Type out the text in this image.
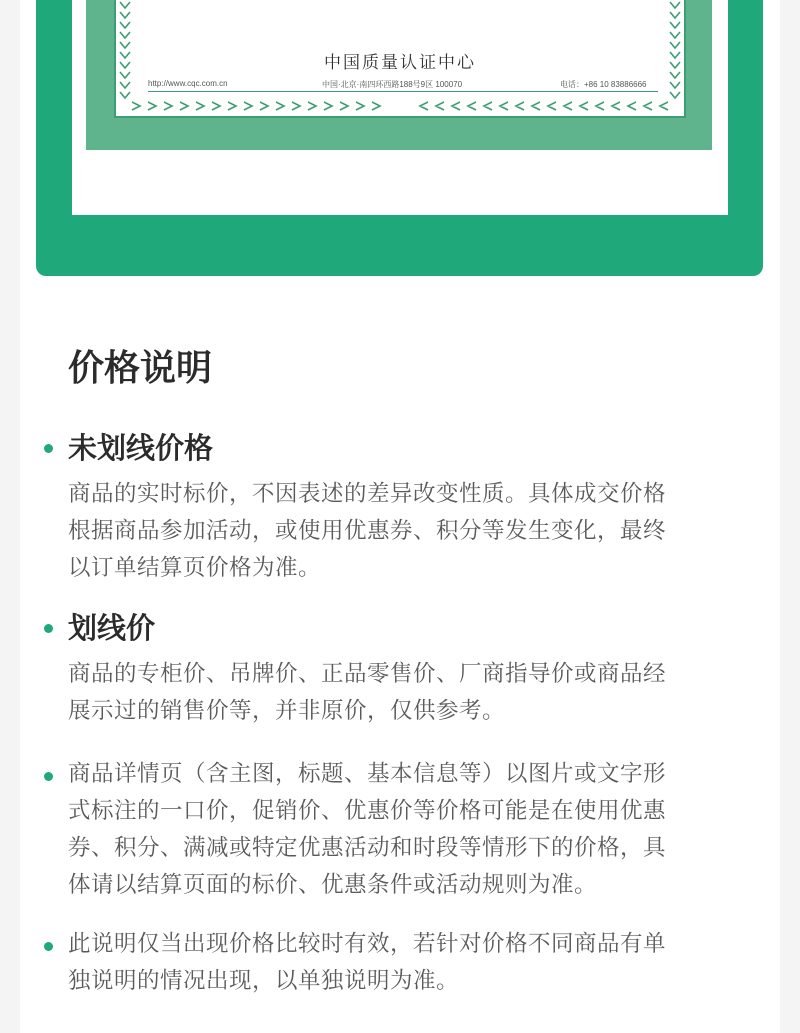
中国质量认证中心
http://www.cqc.com.cn	中国·北京·南四环西路188号9区 100070	电话：+86 10 83886666
价格说明
未划线价格
商品的实时标价，不因表述的差异改变性质。具体成交价格
根据商品参加活动，或使用优惠券、积分等发生变化，最终
以订单结算页价格为准。
划线价
商品的专柜价、吊牌价、正品零售价、厂商指导价或商品经
展示过的销售价等，并非原价，仅供参考。
商品详情页（含主图，标题、基本信息等）以图片或文字形
式标注的一口价，促销价、优惠价等价格可能是在使用优惠
券、积分、满减或特定优惠活动和时段等情形下的价格，具
体请以结算页面的标价、优惠条件或活动规则为准。
此说明仅当出现价格比较时有效，若针对价格不同商品有单
独说明的情况出现，以单独说明为准。
